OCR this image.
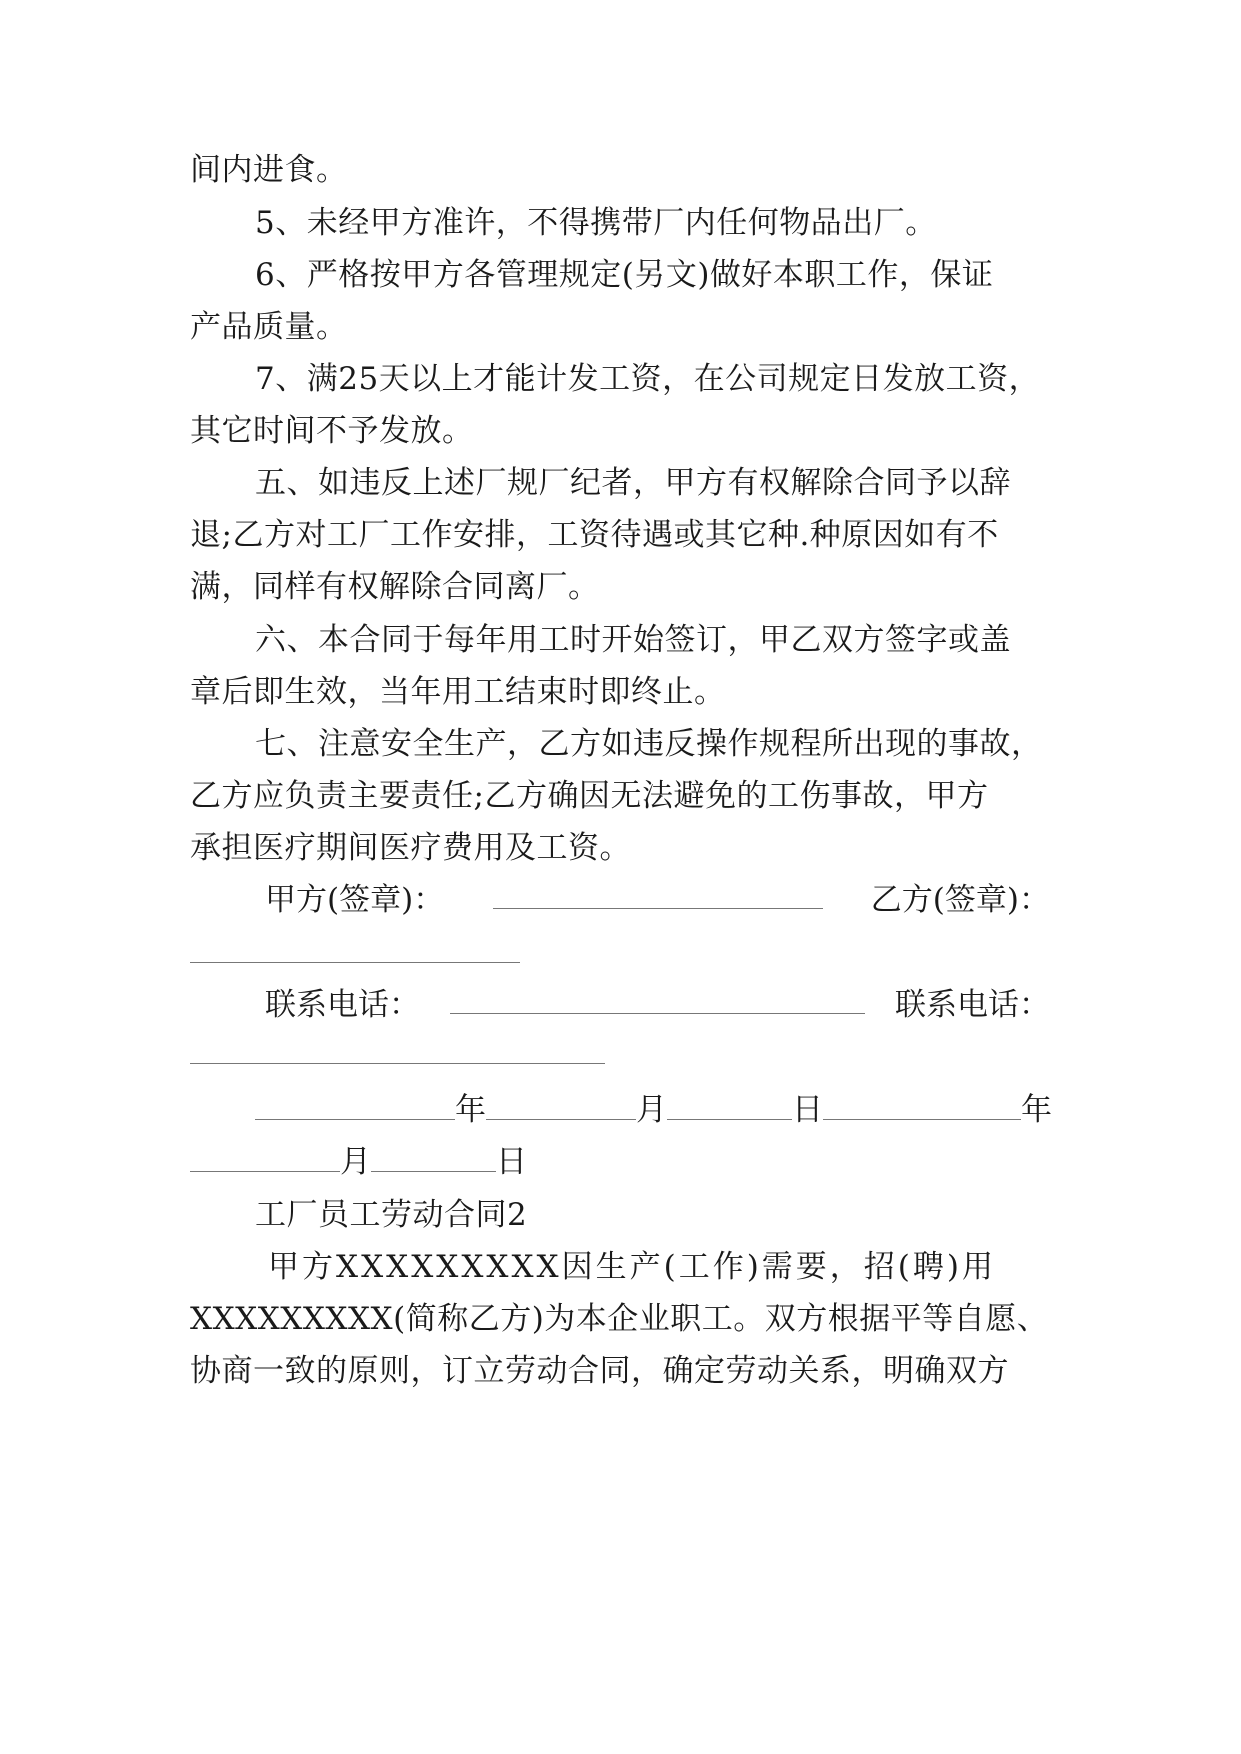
间内进食。
5、未经甲方准许，不得携带厂内任何物品出厂。
6、严格按甲方各管理规定(另文)做好本职工作，保证
产品质量。
7、满25天以上才能计发工资，在公司规定日发放工资，
其它时间不予发放。
五、如违反上述厂规厂纪者，甲方有权解除合同予以辞
退;乙方对工厂工作安排，工资待遇或其它种.种原因如有不
满，同样有权解除合同离厂。
六、本合同于每年用工时开始签订，甲乙双方签字或盖
章后即生效，当年用工结束时即终止。
七、注意安全生产，乙方如违反操作规程所出现的事故，
乙方应负责主要责任;乙方确因无法避免的工伤事故，甲方
承担医疗期间医疗费用及工资。
甲方(签章)：	乙方(签章)：
联系电话：	联系电话：
年	月	日	年
月	日
工厂员工劳动合同2
甲方XXXXXXXXX因生产(工作)需要，招(聘)用
XXXXXXXXX(简称乙方)为本企业职工。双方根据平等自愿、
协商一致的原则，订立劳动合同，确定劳动关系，明确双方
